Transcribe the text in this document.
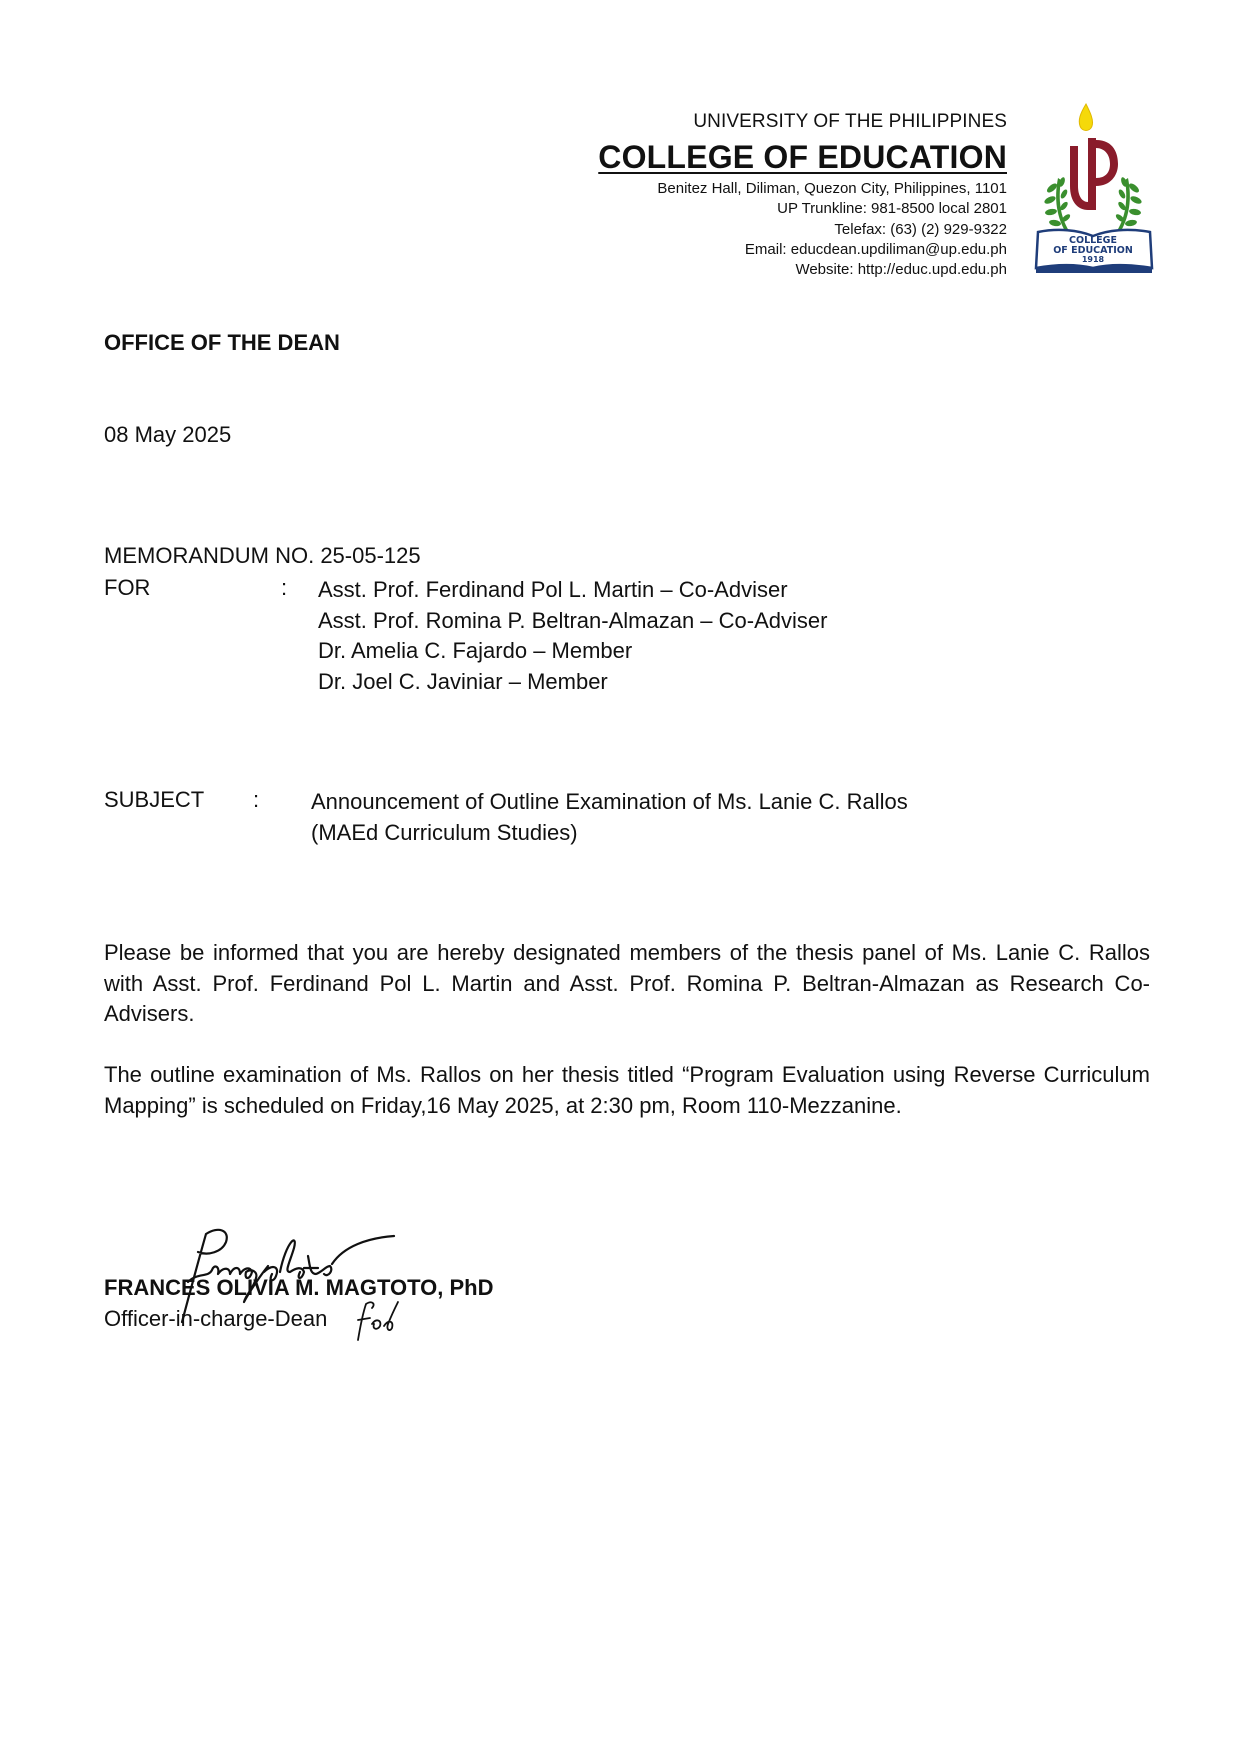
UNIVERSITY OF THE PHILIPPINES
COLLEGE OF EDUCATION
Benitez Hall, Diliman, Quezon City, Philippines, 1101
UP Trunkline: 981-8500 local 2801
Telefax: (63) (2) 929-9322
Email: educdean.updiliman@up.edu.ph
Website: http://educ.upd.edu.ph
COLLEGE
OF EDUCATION
1918
OFFICE OF THE DEAN
08 May 2025
MEMORANDUM NO. 25-05-125
FOR	: Asst. Prof. Ferdinand Pol L. Martin – Co-Adviser
Asst. Prof. Romina P. Beltran-Almazan – Co-Adviser
Dr. Amelia C. Fajardo – Member
Dr. Joel C. Javiniar – Member
SUBJECT : Announcement of Outline Examination of Ms. Lanie C. Rallos
(MAEd Curriculum Studies)
Please be informed that you are hereby designated members of the thesis panel of Ms. Lanie C. Rallos with Asst. Prof. Ferdinand Pol L. Martin and Asst. Prof. Romina P. Beltran-Almazan as Research Co-Advisers.
The outline examination of Ms. Rallos on her thesis titled “Program Evaluation using Reverse Curriculum Mapping” is scheduled on Friday,16 May 2025, at 2:30 pm, Room 110-Mezzanine.
FRANCES OLIVIA M. MAGTOTO, PhD
Officer-in-charge-Dean
